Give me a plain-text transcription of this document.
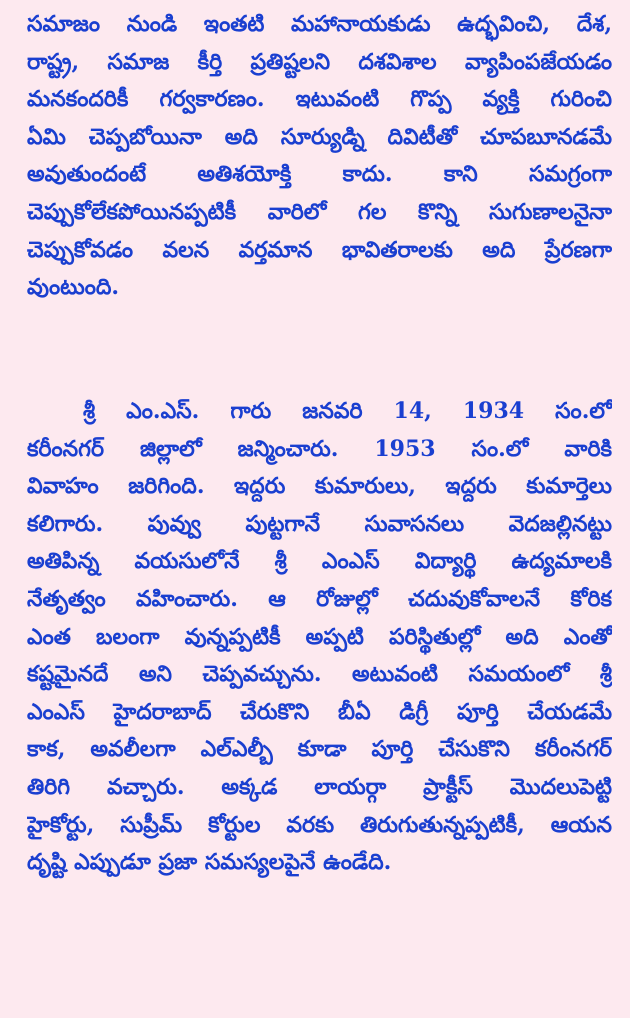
సమాజం నుండి ఇంతటి మహానాయకుడు ఉద్భవించి, దేశ,
రాష్ట్ర, సమాజ కీర్తి ప్రతిష్టలని దశవిశాల వ్యాపింపజేయడం
మనకందరికీ గర్వకారణం. ఇటువంటి గొప్ప వ్యక్తి గురించి
ఏమి చెప్పబోయినా అది సూర్యుడ్ని దివిటీతో చూపబూనడమే
అవుతుందంటే అతిశయోక్తి కాదు. కాని సమగ్రంగా
చెప్పుకోలేకపోయినప్పటికీ వారిలో గల కొన్ని సుగుణాలనైనా
చెప్పుకోవడం వలన వర్తమాన భావితరాలకు అది ప్రేరణగా
వుంటుంది.

శ్రీ ఎం.ఎస్. గారు జనవరి 14, 1934 సం.లో
కరీంనగర్ జిల్లాలో జన్మించారు. 1953 సం.లో వారికి
వివాహం జరిగింది. ఇద్దరు కుమారులు, ఇద్దరు కుమార్తెలు
కలిగారు. పువ్వు పుట్టగానే సువాసనలు వెదజల్లినట్టు
అతిపిన్న వయసులోనే శ్రీ ఎంఎస్ విద్యార్థి ఉద్యమాలకి
నేతృత్వం వహించారు. ఆ రోజుల్లో చదువుకోవాలనే కోరిక
ఎంత బలంగా వున్నప్పటికీ అప్పటి పరిస్థితుల్లో అది ఎంతో
కష్టమైనదే అని చెప్పవచ్చును. అటువంటి సమయంలో శ్రీ
ఎంఎస్ హైదరాబాద్ చేరుకొని బీఏ డిగ్రీ పూర్తి చేయడమే
కాక, అవలీలగా ఎల్ఎల్బీ కూడా పూర్తి చేసుకొని కరీంనగర్
తిరిగి వచ్చారు. అక్కడ లాయర్గా ప్రాక్టీస్ మొదలుపెట్టి
హైకోర్టు, సుప్రీమ్ కోర్టుల వరకు తిరుగుతున్నప్పటికీ, ఆయన
దృష్టి ఎప్పుడూ ప్రజా సమస్యలపైనే ఉండేది.
